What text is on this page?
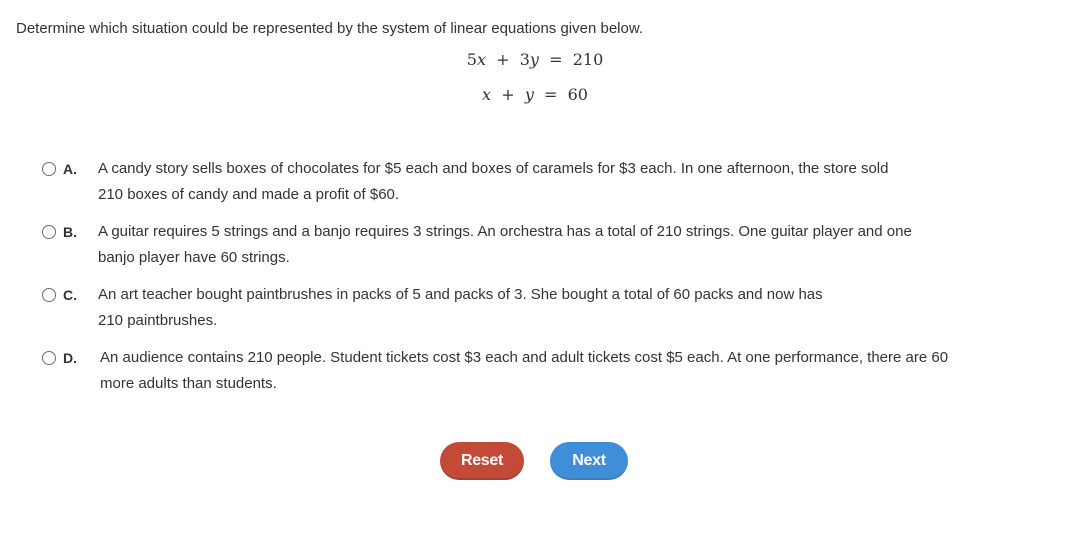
Determine which situation could be represented by the system of linear equations given below.
5x + 3y = 210
x + y = 60
A.	A candy story sells boxes of chocolates for $5 each and boxes of caramels for $3 each. In one afternoon, the store sold
210 boxes of candy and made a profit of $60.
B.	A guitar requires 5 strings and a banjo requires 3 strings. An orchestra has a total of 210 strings. One guitar player and one
banjo player have 60 strings.
C.	An art teacher bought paintbrushes in packs of 5 and packs of 3. She bought a total of 60 packs and now has
210 paintbrushes.
D.	An audience contains 210 people. Student tickets cost $3 each and adult tickets cost $5 each. At one performance, there are 60
more adults than students.
Reset	Next
